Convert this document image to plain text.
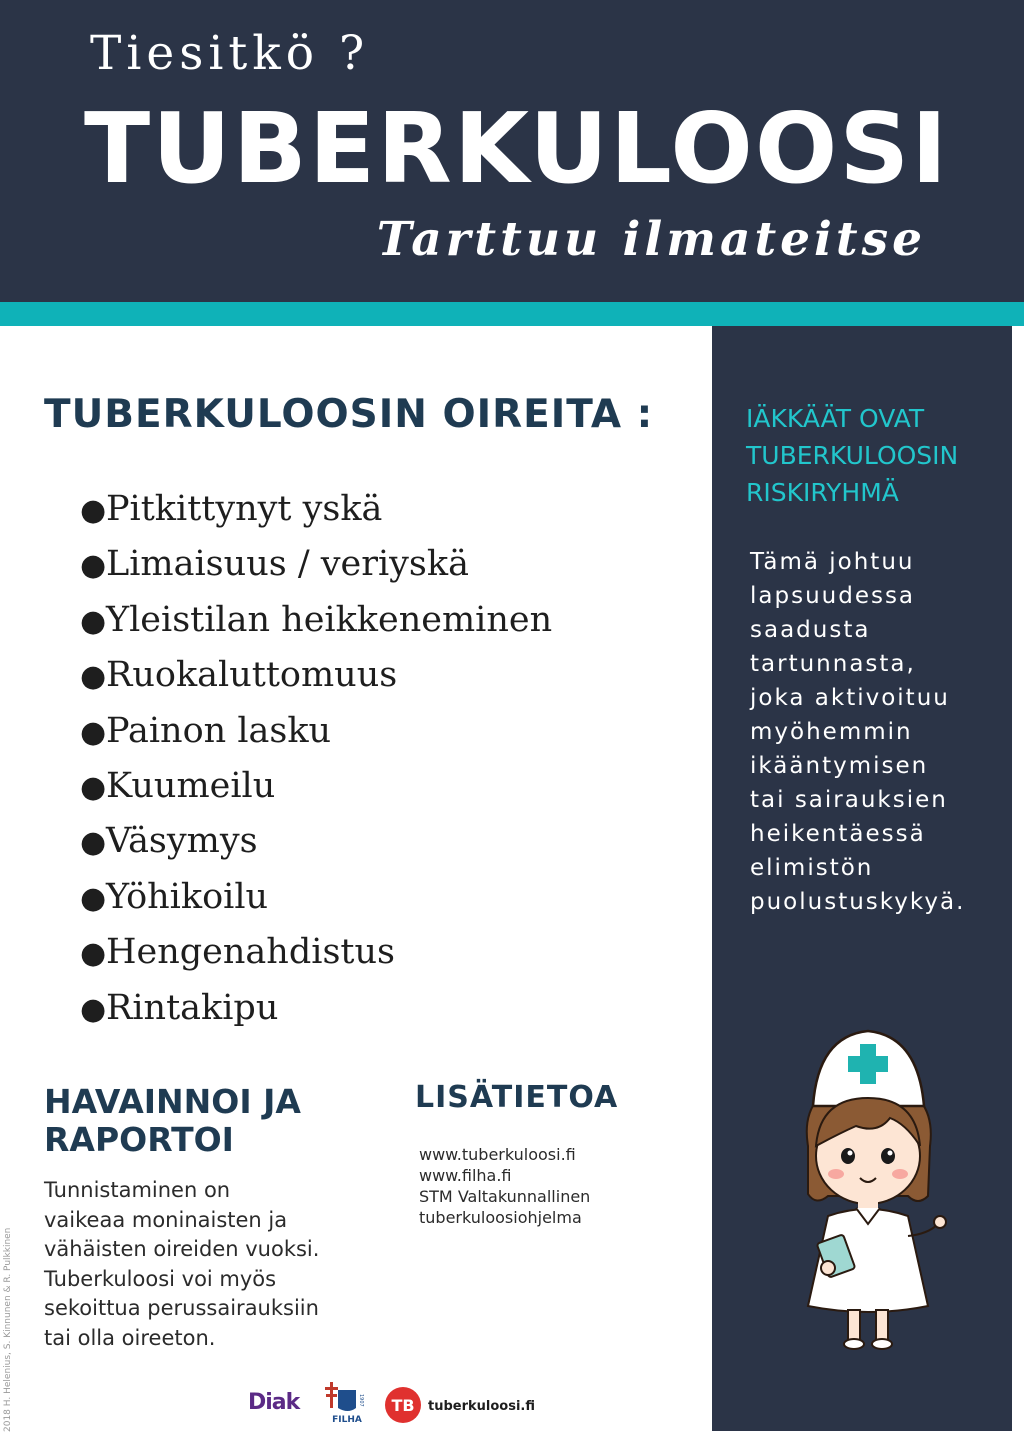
Tiesitkö ?
TUBERKULOOSI
Tarttuu ilmateitse
TUBERKULOOSIN OIREITA :
●Pitkittynyt yskä
●Limaisuus / veriyskä
●Yleistilan heikkeneminen
●Ruokaluttomuus
●Painon lasku
●Kuumeilu
●Väsymys
●Yöhikoilu
●Hengenahdistus
●Rintakipu
IÄKKÄÄT OVAT
TUBERKULOOSIN
RISKIRYHMÄ
Tämä johtuu
lapsuudessa
saadusta
tartunnasta,
joka aktivoituu
myöhemmin
ikääntymisen
tai sairauksien
heikentäessä
elimistön
puolustuskykyä.
HAVAINNOI JA
RAPORTOI
Tunnistaminen on
vaikeaa moninaisten ja
vähäisten oireiden vuoksi.
Tuberkuloosi voi myös
sekoittua perussairauksiin
tai olla oireeton.
LISÄTIETOA
www.tuberkuloosi.fi
www.filha.fi
STM Valtakunnallinen
tuberkuloosiohjelma
2018 H. Helenius, S. Kinnunen & R. Pulkkinen	Diak
FILHA
1907 TB tuberkuloosi.fi
